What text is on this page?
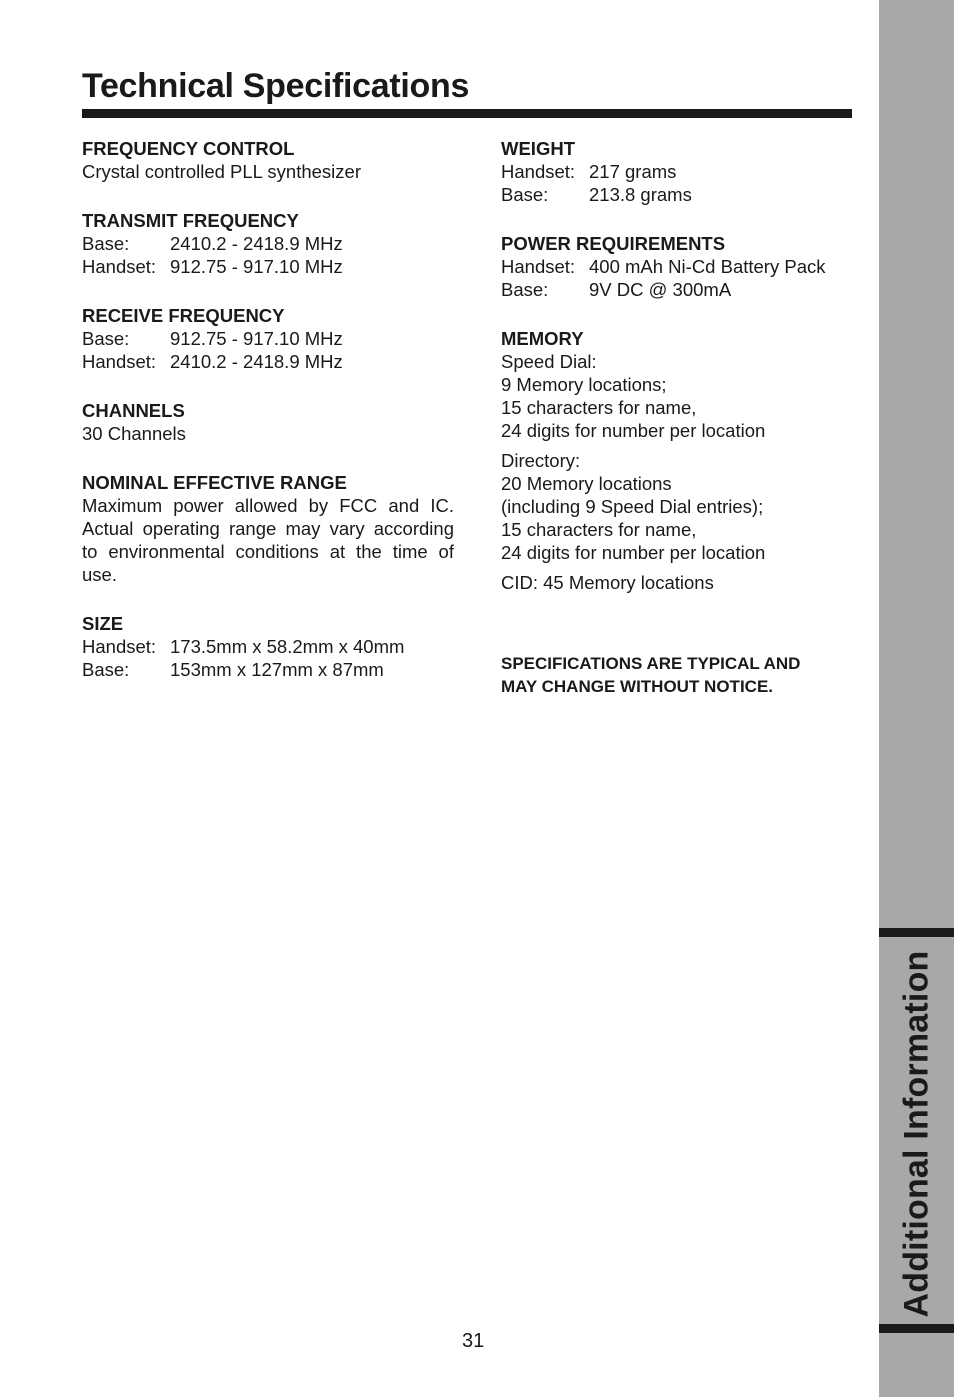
Technical Specifications
FREQUENCY CONTROL
Crystal controlled PLL synthesizer
TRANSMIT FREQUENCY
Base:	2410.2 - 2418.9 MHz
Handset: 912.75 - 917.10 MHz
RECEIVE FREQUENCY
Base:	912.75 - 917.10 MHz
Handset: 2410.2 - 2418.9 MHz
CHANNELS
30 Channels
NOMINAL EFFECTIVE RANGE
Maximum power allowed by FCC and IC. Actual operating range may vary according to environmental conditions at the time of use.
SIZE
Handset: 173.5mm x 58.2mm x 40mm
Base:	153mm x 127mm x 87mm
WEIGHT
Handset: 217 grams
Base:	213.8 grams
POWER REQUIREMENTS
Handset: 400 mAh Ni-Cd Battery Pack
Base:	9V DC @ 300mA
MEMORY
Speed Dial:
9 Memory locations;
15 characters for name,
24 digits for number per location
Directory:
20 Memory locations
(including 9 Speed Dial entries);
15 characters for name,
24 digits for number per location
CID: 45 Memory locations
SPECIFICATIONS ARE TYPICAL AND
MAY CHANGE WITHOUT NOTICE.
Additional Information
31
